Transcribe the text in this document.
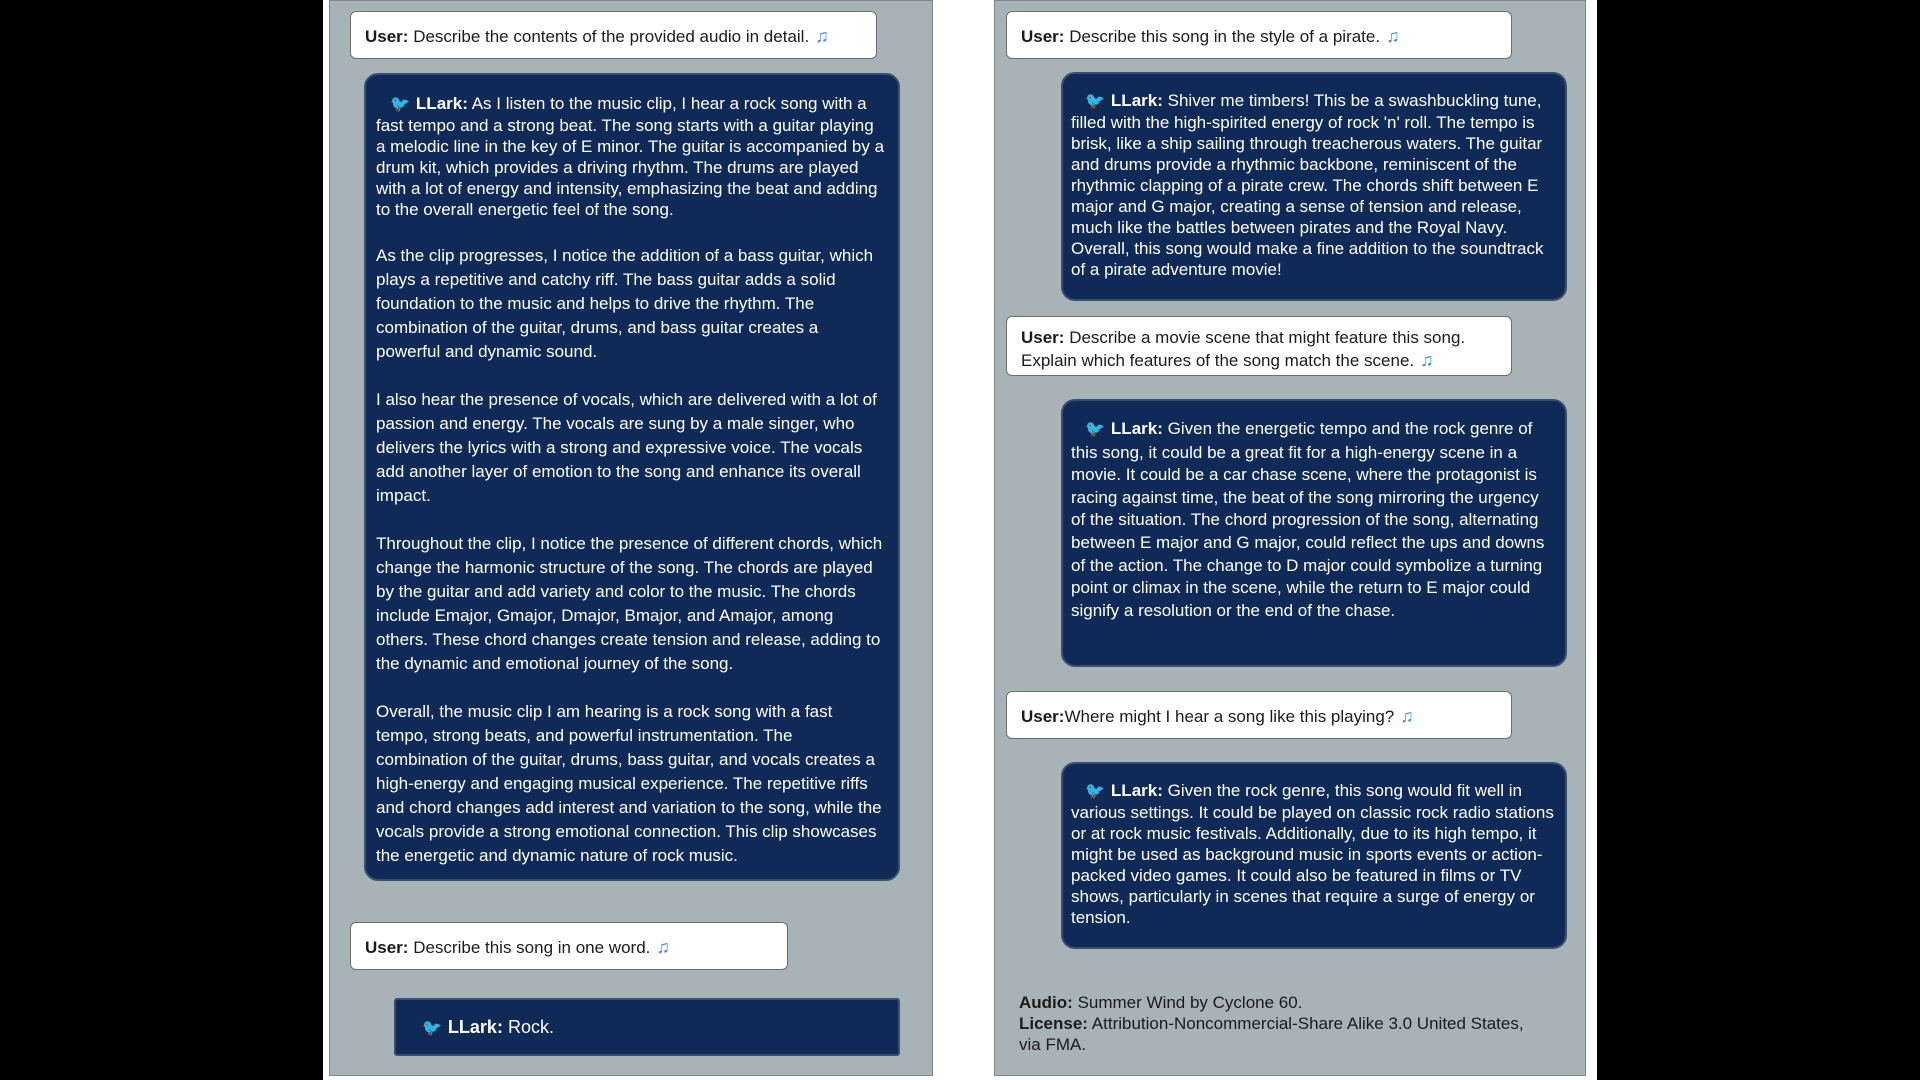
User: Describe the contents of the provided audio in detail. ♫

🐦 LLark: As I listen to the music clip, I hear a rock song with a fast tempo and a strong beat. The song starts with a guitar playing a melodic line in the key of E minor. The guitar is accompanied by a drum kit, which provides a driving rhythm. The drums are played with a lot of energy and intensity, emphasizing the beat and adding to the overall energetic feel of the song.

As the clip progresses, I notice the addition of a bass guitar, which plays a repetitive and catchy riff. The bass guitar adds a solid foundation to the music and helps to drive the rhythm. The combination of the guitar, drums, and bass guitar creates a powerful and dynamic sound.

I also hear the presence of vocals, which are delivered with a lot of passion and energy. The vocals are sung by a male singer, who delivers the lyrics with a strong and expressive voice. The vocals add another layer of emotion to the song and enhance its overall impact.

Throughout the clip, I notice the presence of different chords, which change the harmonic structure of the song. The chords are played by the guitar and add variety and color to the music. The chords include Emajor, Gmajor, Dmajor, Bmajor, and Amajor, among others. These chord changes create tension and release, adding to the dynamic and emotional journey of the song.

Overall, the music clip I am hearing is a rock song with a fast tempo, strong beats, and powerful instrumentation. The combination of the guitar, drums, bass guitar, and vocals creates a high-energy and engaging musical experience. The repetitive riffs and chord changes add interest and variation to the song, while the vocals provide a strong emotional connection. This clip showcases the energetic and dynamic nature of rock music.

User: Describe this song in one word. ♫
🐦 LLark: Rock.
User: Describe this song in the style of a pirate. ♫

🐦 LLark: Shiver me timbers! This be a swashbuckling tune, filled with the high-spirited energy of rock 'n' roll. The tempo is brisk, like a ship sailing through treacherous waters. The guitar and drums provide a rhythmic backbone, reminiscent of the rhythmic clapping of a pirate crew. The chords shift between E major and G major, creating a sense of tension and release, much like the battles between pirates and the Royal Navy. Overall, this song would make a fine addition to the soundtrack of a pirate adventure movie!

User: Describe a movie scene that might feature this song. Explain which features of the song match the scene. ♫

🐦 LLark: Given the energetic tempo and the rock genre of this song, it could be a great fit for a high-energy scene in a movie. It could be a car chase scene, where the protagonist is racing against time, the beat of the song mirroring the urgency of the situation. The chord progression of the song, alternating between E major and G major, could reflect the ups and downs of the action. The change to D major could symbolize a turning point or climax in the scene, while the return to E major could signify a resolution or the end of the chase.

User:Where might I hear a song like this playing? ♫

🐦 LLark: Given the rock genre, this song would fit well in various settings. It could be played on classic rock radio stations or at rock music festivals. Additionally, due to its high tempo, it might be used as background music in sports events or action-packed video games. It could also be featured in films or TV shows, particularly in scenes that require a surge of energy or tension.

Audio: Summer Wind by Cyclone 60.
License: Attribution-Noncommercial-Share Alike 3.0 United States, via FMA.
